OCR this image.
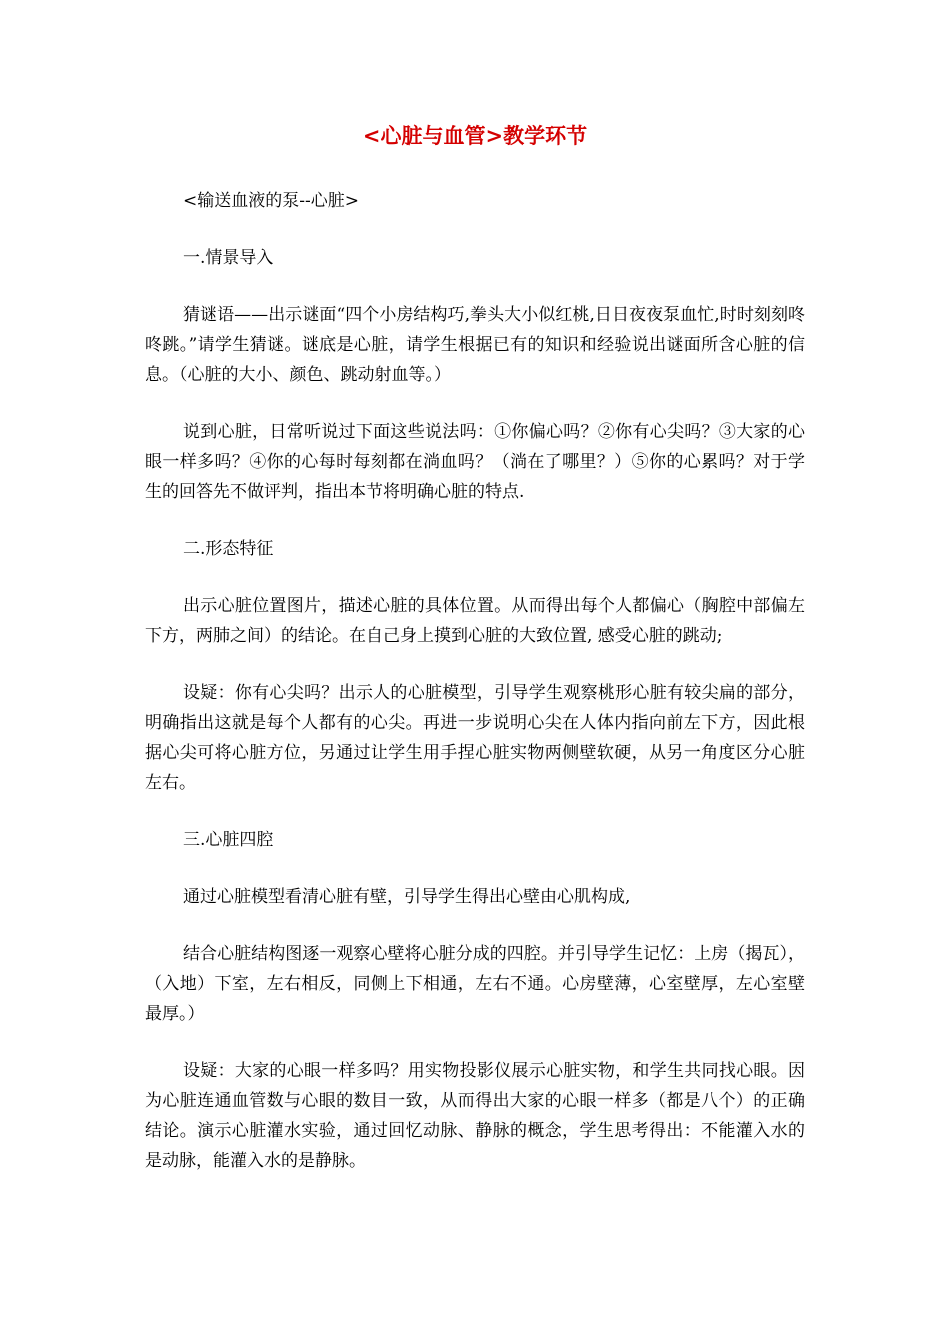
<心脏与血管>教学环节

<输送血液的泵--心脏>

一.情景导入

猜谜语——出示谜面“四个小房结构巧,拳头大小似红桃,日日夜夜泵血忙,时时刻刻咚咚跳。”请学生猜谜。谜底是心脏，请学生根据已有的知识和经验说出谜面所含心脏的信息。（心脏的大小、颜色、跳动射血等。）

说到心脏，日常听说过下面这些说法吗：①你偏心吗？②你有心尖吗？③大家的心眼一样多吗？④你的心每时每刻都在淌血吗？（淌在了哪里？）⑤你的心累吗？对于学生的回答先不做评判，指出本节将明确心脏的特点.

二.形态特征

出示心脏位置图片，描述心脏的具体位置。从而得出每个人都偏心（胸腔中部偏左下方，两肺之间）的结论。在自己身上摸到心脏的大致位置, 感受心脏的跳动;

设疑：你有心尖吗？出示人的心脏模型，引导学生观察桃形心脏有较尖扁的部分，明确指出这就是每个人都有的心尖。再进一步说明心尖在人体内指向前左下方，因此根据心尖可将心脏方位，另通过让学生用手捏心脏实物两侧壁软硬，从另一角度区分心脏左右。

三.心脏四腔

通过心脏模型看清心脏有壁，引导学生得出心壁由心肌构成,

结合心脏结构图逐一观察心壁将心脏分成的四腔。并引导学生记忆：上房（揭瓦），（入地）下室，左右相反，同侧上下相通，左右不通。心房壁薄，心室壁厚，左心室壁最厚。）

设疑：大家的心眼一样多吗？用实物投影仪展示心脏实物，和学生共同找心眼。因为心脏连通血管数与心眼的数目一致，从而得出大家的心眼一样多（都是八个）的正确结论。演示心脏灌水实验，通过回忆动脉、静脉的概念，学生思考得出：不能灌入水的是动脉，能灌入水的是静脉。
